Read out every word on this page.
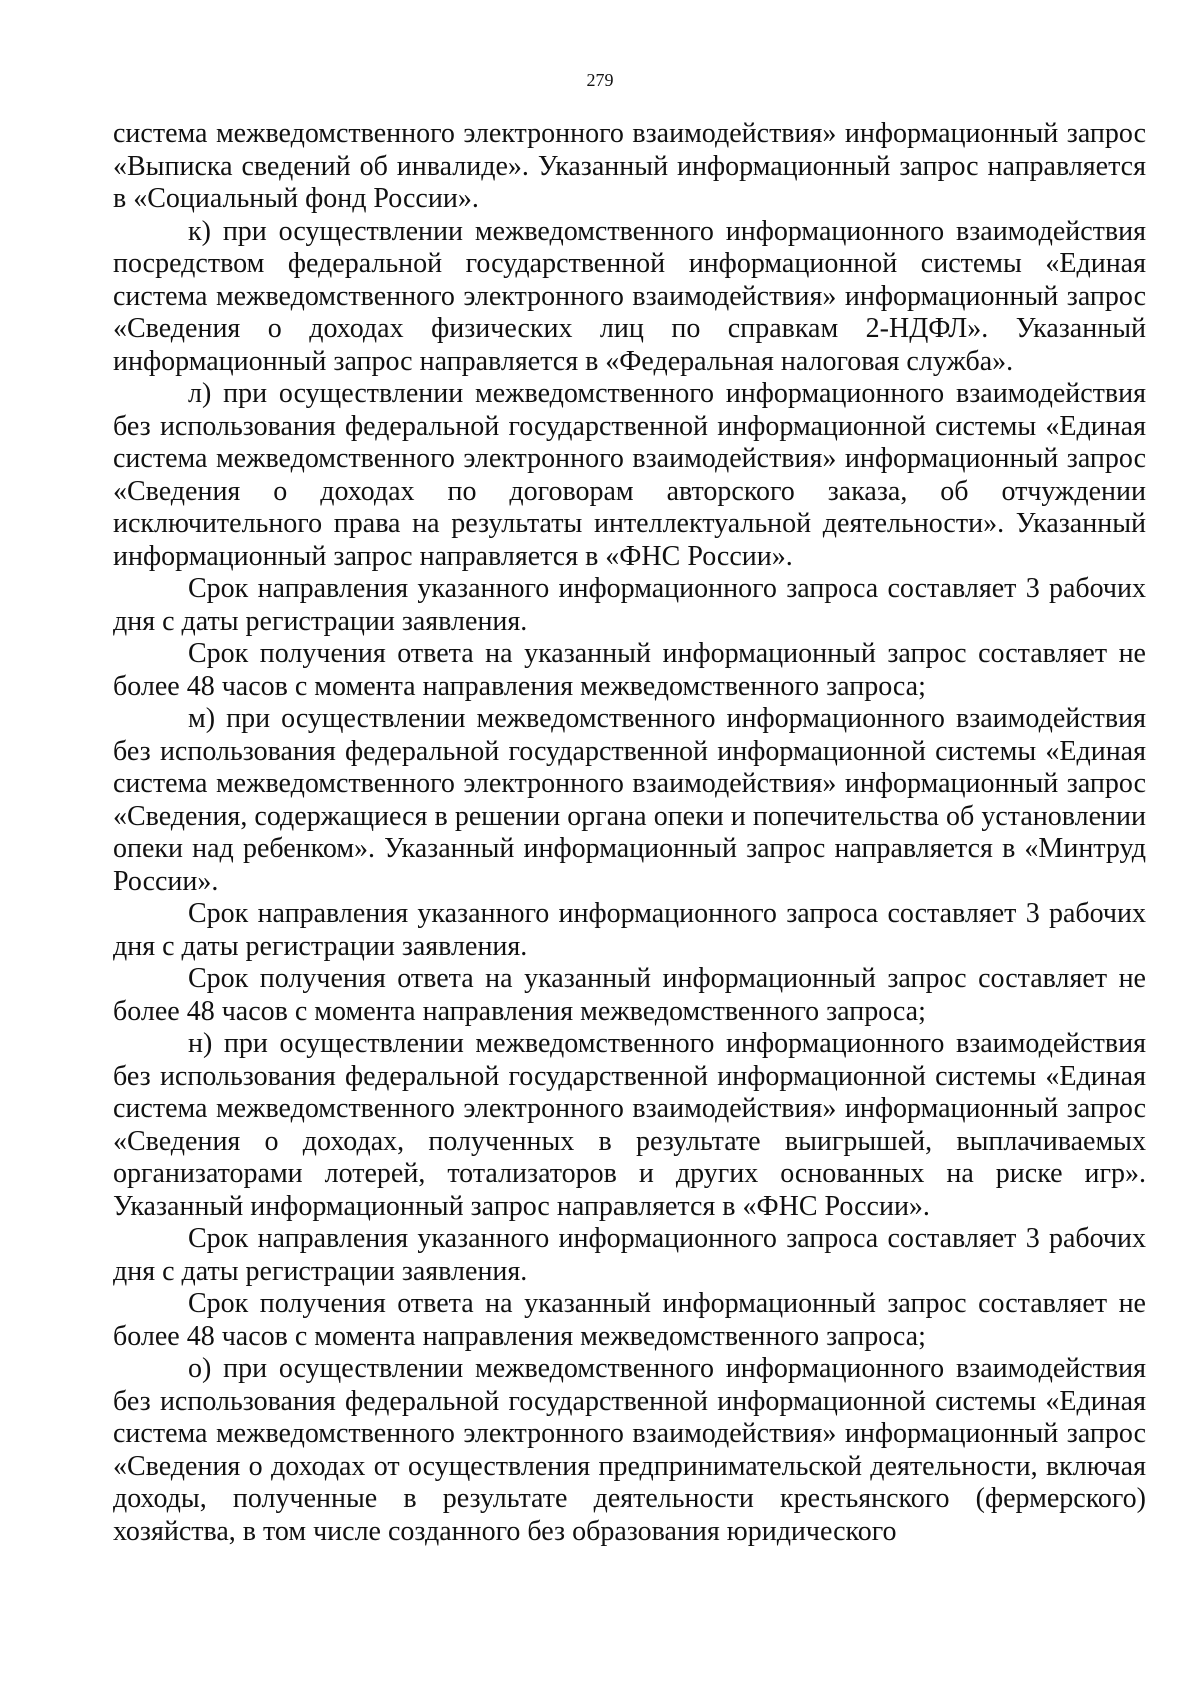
279

система межведомственного электронного взаимодействия» информационный запрос «Выписка сведений об инвалиде». Указанный информационный запрос направляется в «Социальный фонд России».

к) при осуществлении межведомственного информационного взаимодействия посредством федеральной государственной информационной системы «Единая система межведомственного электронного взаимодействия» информационный запрос «Сведения о доходах физических лиц по справкам 2-НДФЛ». Указанный информационный запрос направляется в «Федеральная налоговая служба».

л) при осуществлении межведомственного информационного взаимодействия без использования федеральной государственной информационной системы «Единая система межведомственного электронного взаимодействия» информационный запрос «Сведения о доходах по договорам авторского заказа, об отчуждении исключительного права на результаты интеллектуальной деятельности». Указанный информационный запрос направляется в «ФНС России».

Срок направления указанного информационного запроса составляет 3 рабочих дня с даты регистрации заявления.

Срок получения ответа на указанный информационный запрос составляет не более 48 часов с момента направления межведомственного запроса;

м) при осуществлении межведомственного информационного взаимодействия без использования федеральной государственной информационной системы «Единая система межведомственного электронного взаимодействия» информационный запрос «Сведения, содержащиеся в решении органа опеки и попечительства об установлении опеки над ребенком». Указанный информационный запрос направляется в «Минтруд России».

Срок направления указанного информационного запроса составляет 3 рабочих дня с даты регистрации заявления.

Срок получения ответа на указанный информационный запрос составляет не более 48 часов с момента направления межведомственного запроса;

н) при осуществлении межведомственного информационного взаимодействия без использования федеральной государственной информационной системы «Единая система межведомственного электронного взаимодействия» информационный запрос «Сведения о доходах, полученных в результате выигрышей, выплачиваемых организаторами лотерей, тотализаторов и других основанных на риске игр». Указанный информационный запрос направляется в «ФНС России».

Срок направления указанного информационного запроса составляет 3 рабочих дня с даты регистрации заявления.

Срок получения ответа на указанный информационный запрос составляет не более 48 часов с момента направления межведомственного запроса;

о) при осуществлении межведомственного информационного взаимодействия без использования федеральной государственной информационной системы «Единая система межведомственного электронного взаимодействия» информационный запрос «Сведения о доходах от осуществления предпринимательской деятельности, включая доходы, полученные в результате деятельности крестьянского (фермерского) хозяйства, в том числе созданного без образования юридического
